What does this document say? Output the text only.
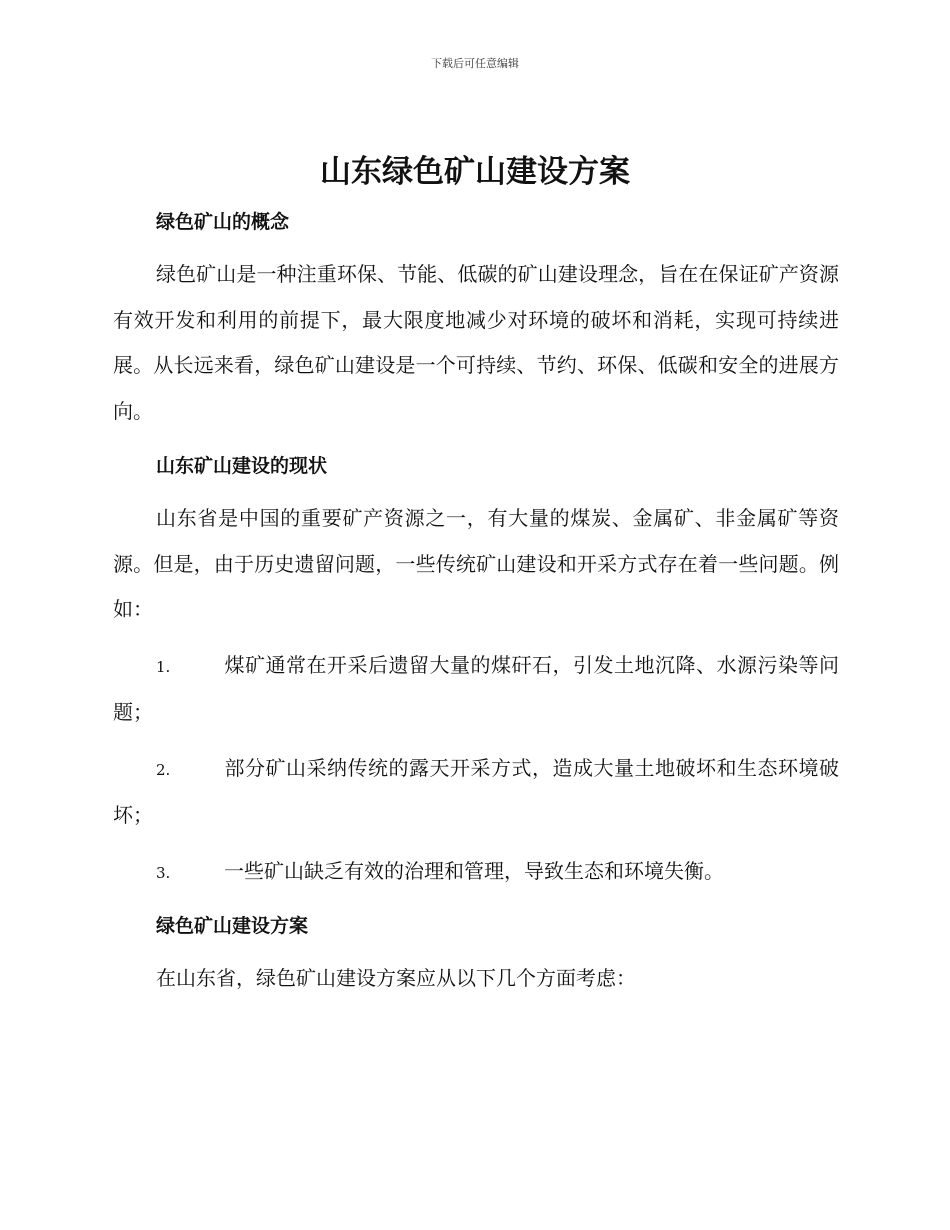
下载后可任意编辑
山东绿色矿山建设方案

绿色矿山的概念

绿色矿山是一种注重环保、节能、低碳的矿山建设理念，旨在在保证矿产资源有效开发和利用的前提下，最大限度地减少对环境的破坏和消耗，实现可持续进展。从长远来看，绿色矿山建设是一个可持续、节约、环保、低碳和安全的进展方向。

山东矿山建设的现状

山东省是中国的重要矿产资源之一，有大量的煤炭、金属矿、非金属矿等资源。但是，由于历史遗留问题，一些传统矿山建设和开采方式存在着一些问题。例如：

1.	煤矿通常在开采后遗留大量的煤矸石，引发土地沉降、水源污染等问题；

2.	部分矿山采纳传统的露天开采方式，造成大量土地破坏和生态环境破坏；

3.	一些矿山缺乏有效的治理和管理，导致生态和环境失衡。

绿色矿山建设方案

在山东省，绿色矿山建设方案应从以下几个方面考虑：
